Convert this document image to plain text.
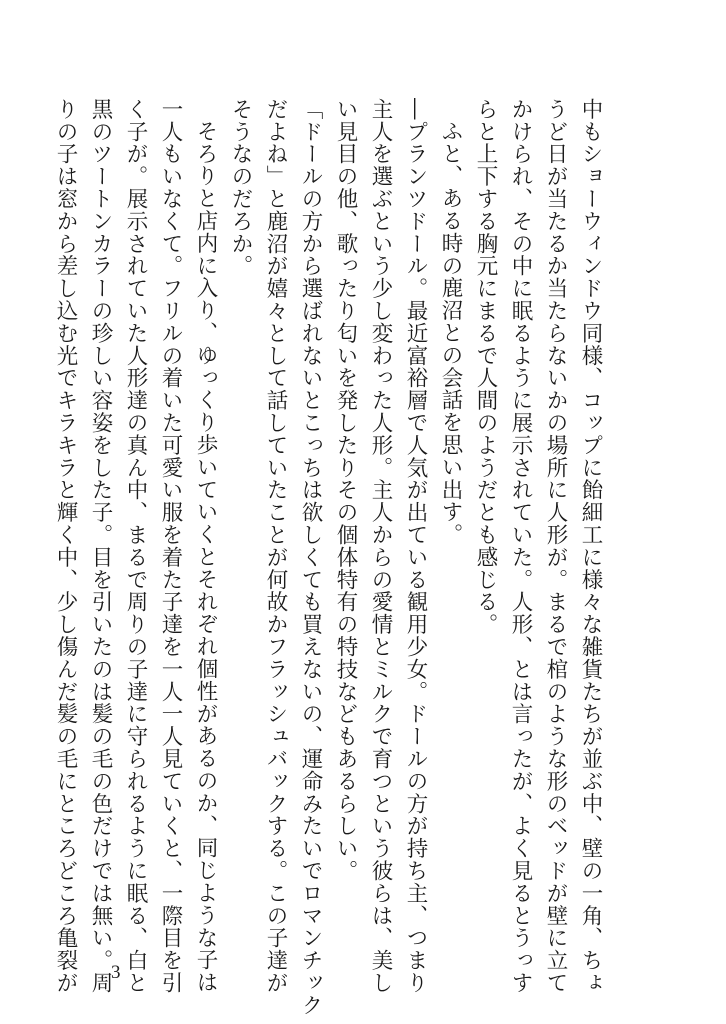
中もショーウィンドウ同様、コップに飴細工に様々な雑貨たちが並ぶ中、壁の一角、ちょ
うど日が当たるか当たらないかの場所に人形が。まるで棺のような形のベッドが壁に立て
かけられ、その中に眠るように展示されていた。人形、とは言ったが、よく見るとうっす
らと上下する胸元にまるで人間のようだとも感じる。
ふと、ある時の鹿沼との会話を思い出す。
―プランツドール。最近富裕層で人気が出ている観用少女。ドールの方が持ち主、つまり
主人を選ぶという少し変わった人形。主人からの愛情とミルクで育つという彼らは、美し
い見目の他、歌ったり匂いを発したりその個体特有の特技などもあるらしい。
「ドールの方から選ばれないとこっちは欲しくても買えないの、運命みたいでロマンチック
だよね」と鹿沼が嬉々として話していたことが何故かフラッシュバックする。この子達が
そうなのだろか。
そろりと店内に入り、ゆっくり歩いていくとそれぞれ個性があるのか、同じような子は
一人もいなくて。フリルの着いた可愛い服を着た子達を一人一人見ていくと、一際目を引
く子が。展示されていた人形達の真ん中、まるで周りの子達に守られるように眠る、白と
黒のツートンカラーの珍しい容姿をした子。目を引いたのは髪の毛の色だけでは無い。周
りの子は窓から差し込む光でキラキラと輝く中、少し傷んだ髪の毛にところどころ亀裂が 3
